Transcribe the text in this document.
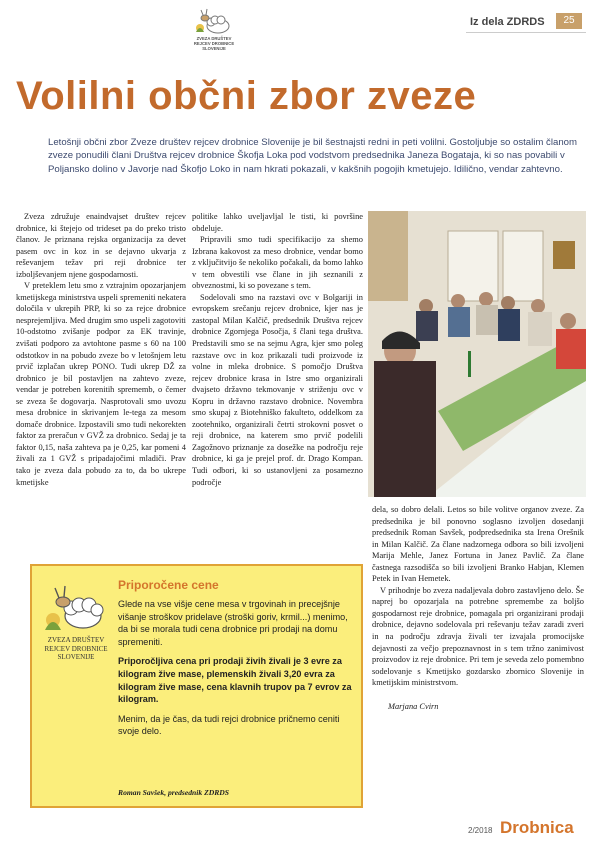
ZVEZA DRUŠTEV
REJCEV DROBNICE
SLOVENIJE
Iz dela ZDRDS	25
Volilni občni zbor zveze

Letošnji občni zbor Zveze društev rejcev drobnice Slovenije je bil šestnajsti redni in peti volilni. Gostoljubje so ostalim članom zveze ponudili člani Društva rejcev drobnice Škofja Loka pod vodstvom predsednika Janeza Bogataja, ki so nas povabili v Poljansko dolino v Javorje nad Škofjo Loko in nam hkrati pokazali, v kakšnih pogojih kmetujejo. Idilično, vendar zahtevno.

Zveza združuje enaindvajset društev rejcev drobnice, ki štejejo od trideset pa do preko tristo članov. Je priznana rejska organizacija za devet pasem ovc in koz in se dejavno ukvarja z reševanjem težav pri reji drobnice ter izboljševanjem njene gospodarnosti.

V preteklem letu smo z vztrajnim opozarjanjem kmetijskega ministrstva uspeli spremeniti nekatera določila v ukrepih PRP, ki so za rejce drobnice nesprejemljiva. Med drugim smo uspeli zagotoviti 10-odstotno zvišanje podpor za EK travinje, zvišati podporo za avtohtone pasme s 60 na 100 odstotkov in na pobudo zveze bo v letošnjem letu prvič izplačan ukrep PONO. Tudi ukrep DŽ za drobnico je bil postavljen na zahtevo zveze, vendar je potreben korenitih sprememb, o čemer se zveza še dogovarja. Nasprotovali smo uvozu mesa drobnice in skrivanjem le-tega za mesom domače drobnice. Izpostavili smo tudi nekorekten faktor za preračun v GVŽ za drobnico. Sedaj je ta faktor 0,15, naša zahteva pa je 0,25, kar pomeni 4 živali za 1 GVŽ s pripadajočimi mladiči. Prav tako je zveza dala pobudo za to, da bo ukrepe kmetijske

politike lahko uveljavljal le tisti, ki površine obdeluje.

Pripravili smo tudi specifikacijo za shemo Izbrana kakovost za meso drobnice, vendar bomo z vključitvijo še nekoliko počakali, da bomo lahko v tem obvestili vse člane in jih seznanili z obveznostmi, ki so povezane s tem.

Sodelovali smo na razstavi ovc v Bolgariji in evropskem srečanju rejcev drobnice, kjer nas je zastopal Milan Kalčič, predsednik Društva rejcev drobnice Zgornjega Posočja, š člani tega društva. Predstavili smo se na sejmu Agra, kjer smo poleg razstave ovc in koz prikazali tudi proizvode iz volne in mleka drobnice. S pomočjo Društva rejcev drobnice krasa in Istre smo organizirali dvajseto državno tekmovanje v striženju ovc v Kopru in državno razstavo drobnice. Novembra smo skupaj z Biotehniško fakulteto, oddelkom za zootehniko, organizirali četrti strokovni posvet o reji drobnice, na katerem smo prvič podelili Zagožnovo priznanje za dosežke na področju reje drobnice, ki ga je prejel prof. dr. Drago Kompan. Tudi odbori, ki so ustanovljeni za posamezno področje

dela, so dobro delali. Letos so bile volitve organov zveze. Za predsednika je bil ponovno soglasno izvoljen dosedanji predsednik Roman Savšek, podpredsednika sta Irena Orešnik in Milan Kalčič. Za člane nadzornega odbora so bili izvoljeni Marija Mehle, Janez Fortuna in Janez Pavlič. Za člane častnega razsodišča so bili izvoljeni Branko Habjan, Klemen Petek in Ivan Hemetek.

V prihodnje bo zveza nadaljevala dobro zastavljeno delo. Še naprej bo opozarjala na potrebne spremembe za boljšo gospodarnost reje drobnice, pomagala pri organizirani prodaji drobnice, dejavno sodelovala pri reševanju težav zaradi zveri in na področju zdravja živali ter izvajala promocijske dejavnosti za večjo prepoznavnost in s tem tržno zanimivost proizvodov iz reje drobnice. Pri tem je seveda zelo pomembno sodelovanje s Kmetijsko gozdarsko zbornico Slovenije in kmetijskim ministrstvom.

Marjana Cvirn

ZVEZA DRUŠTEV
REJCEV DROBNICE
SLOVENIJE
Priporočene cene

Glede na vse višje cene mesa v trgovinah in precejšnje višanje stroškov pridelave (stroški goriv, krmil...) menimo, da bi se morala tudi cena drobnice pri prodaji na domu spremeniti.

Priporočljiva cena pri prodaji živih živali je 3 evre za kilogram žive mase, plemenskih živali 3,20 evra za kilogram žive mase, cena klavnih trupov pa 7 evrov za kilogram.

Menim, da je čas, da tudi rejci drobnice pričnemo ceniti svoje delo.

Roman Savšek, predsednik ZDRDS
2/2018 Drobnica
